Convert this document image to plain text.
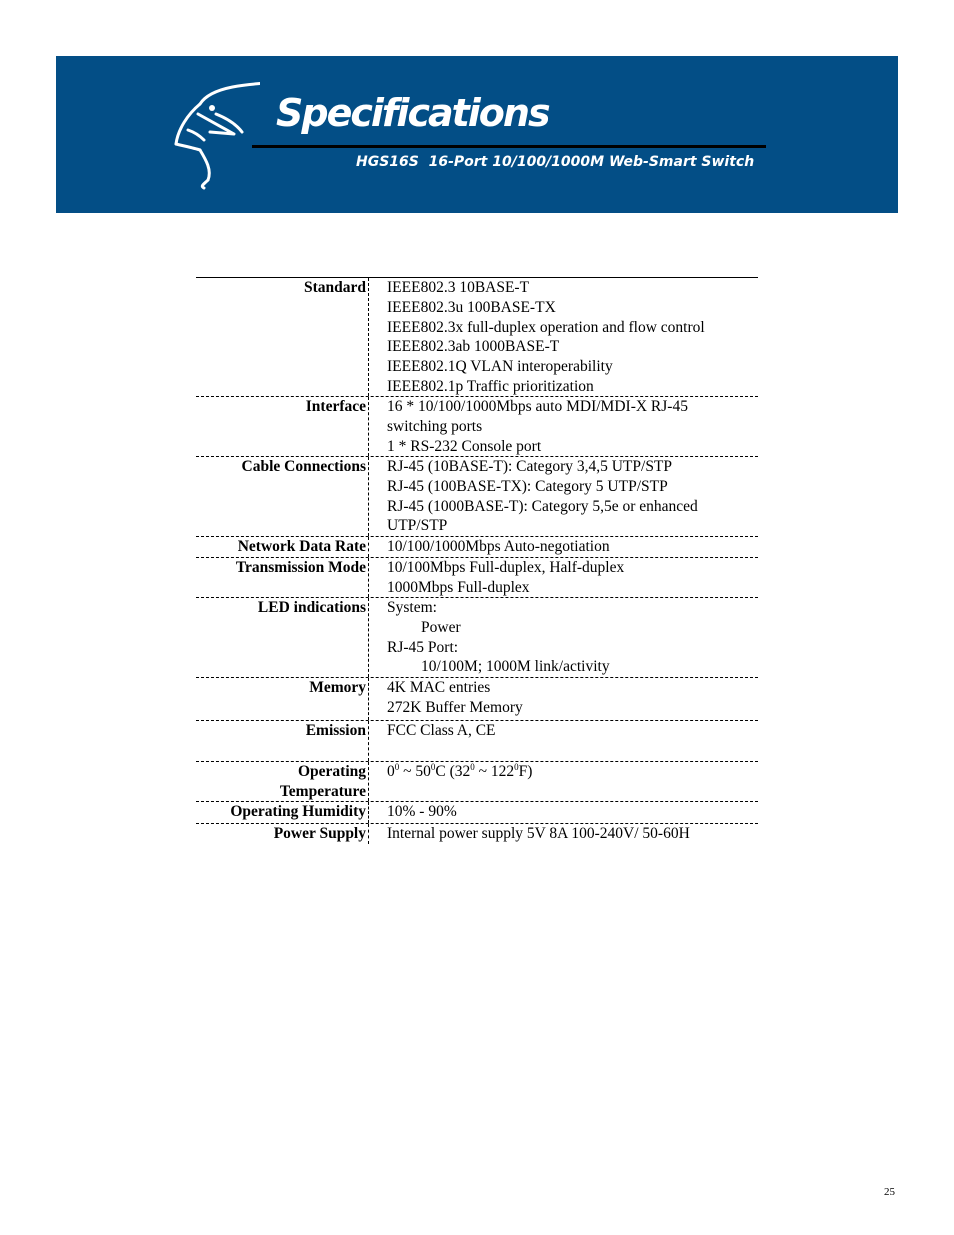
Specifications
HGS16S  16-Port 10/100/1000M Web-Smart Switch
Standard IEEE802.3 10BASE-T
IEEE802.3u 100BASE-TX
IEEE802.3x full-duplex operation and flow control
IEEE802.3ab 1000BASE-T
IEEE802.1Q VLAN interoperability
IEEE802.1p Traffic prioritization
Interface 16 * 10/100/1000Mbps auto MDI/MDI-X RJ-45
switching ports
1 * RS-232 Console port
Cable Connections RJ-45 (10BASE-T): Category 3,4,5 UTP/STP
RJ-45 (100BASE-TX): Category 5 UTP/STP
RJ-45 (1000BASE-T): Category 5,5e or enhanced
UTP/STP
Network Data Rate 10/100/1000Mbps Auto-negotiation
Transmission Mode 10/100Mbps Full-duplex, Half-duplex
1000Mbps Full-duplex
LED indications System:
Power
RJ-45 Port:
10/100M; 1000M link/activity
Memory 4K MAC entries
272K Buffer Memory
Emission FCC Class A, CE
Operating
Temperature
$0^0$ ~ $50^0C$ ($32^0$ ~ $122^0F$)
Operating Humidity 10% - 90%
Power Supply Internal power supply 5V 8A 100-240V/ 50-60H
25
